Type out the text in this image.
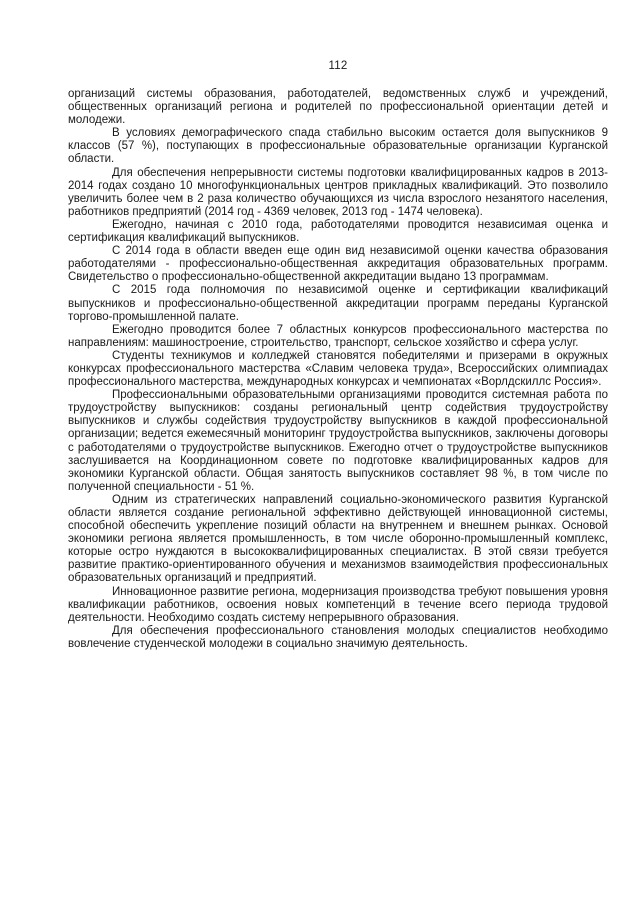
112

организаций системы образования, работодателей, ведомственных служб и учреждений, общественных организаций региона и родителей по профессиональной ориентации детей и молодежи.

В условиях демографического спада стабильно высоким остается доля выпускников 9 классов (57 %), поступающих в профессиональные образовательные организации Курганской области.

Для обеспечения непрерывности системы подготовки квалифицированных кадров в 2013-2014 годах создано 10 многофункциональных центров прикладных квалификаций. Это позволило увеличить более чем в 2 раза количество обучающихся из числа взрослого незанятого населения, работников предприятий (2014 год - 4369 человек, 2013 год - 1474 человека).

Ежегодно, начиная с 2010 года, работодателями проводится независимая оценка и сертификация квалификаций выпускников.

С 2014 года в области введен еще один вид независимой оценки качества образования работодателями - профессионально-общественная аккредитация образовательных программ. Свидетельство о профессионально-общественной аккредитации выдано 13 программам.

С 2015 года полномочия по независимой оценке и сертификации квалификаций выпускников и профессионально-общественной аккредитации программ переданы Курганской торгово-промышленной палате.

Ежегодно проводится более 7 областных конкурсов профессионального мастерства по направлениям: машиностроение, строительство, транспорт, сельское хозяйство и сфера услуг.

Студенты техникумов и колледжей становятся победителями и призерами в окружных конкурсах профессионального мастерства «Славим человека труда», Всероссийских олимпиадах профессионального мастерства, международных конкурсах и чемпионатах «Ворлдскиллс Россия».

Профессиональными образовательными организациями проводится системная работа по трудоустройству выпускников: созданы региональный центр содействия трудоустройству выпускников и службы содействия трудоустройству выпускников в каждой профессиональной организации; ведется ежемесячный мониторинг трудоустройства выпускников, заключены договоры с работодателями о трудоустройстве выпускников. Ежегодно отчет о трудоустройстве выпускников заслушивается на Координационном совете по подготовке квалифицированных кадров для экономики Курганской области. Общая занятость выпускников составляет 98 %, в том числе по полученной специальности - 51 %.

Одним из стратегических направлений социально-экономического развития Курганской области является создание региональной эффективно действующей инновационной системы, способной обеспечить укрепление позиций области на внутреннем и внешнем рынках. Основой экономики региона является промышленность, в том числе оборонно-промышленный комплекс, которые остро нуждаются в высококвалифицированных специалистах. В этой связи требуется развитие практико-ориентированного обучения и механизмов взаимодействия профессиональных образовательных организаций и предприятий.

Инновационное развитие региона, модернизация производства требуют повышения уровня квалификации работников, освоения новых компетенций в течение всего периода трудовой деятельности. Необходимо создать систему непрерывного образования.

Для обеспечения профессионального становления молодых специалистов необходимо вовлечение студенческой молодежи в социально значимую деятельность.
